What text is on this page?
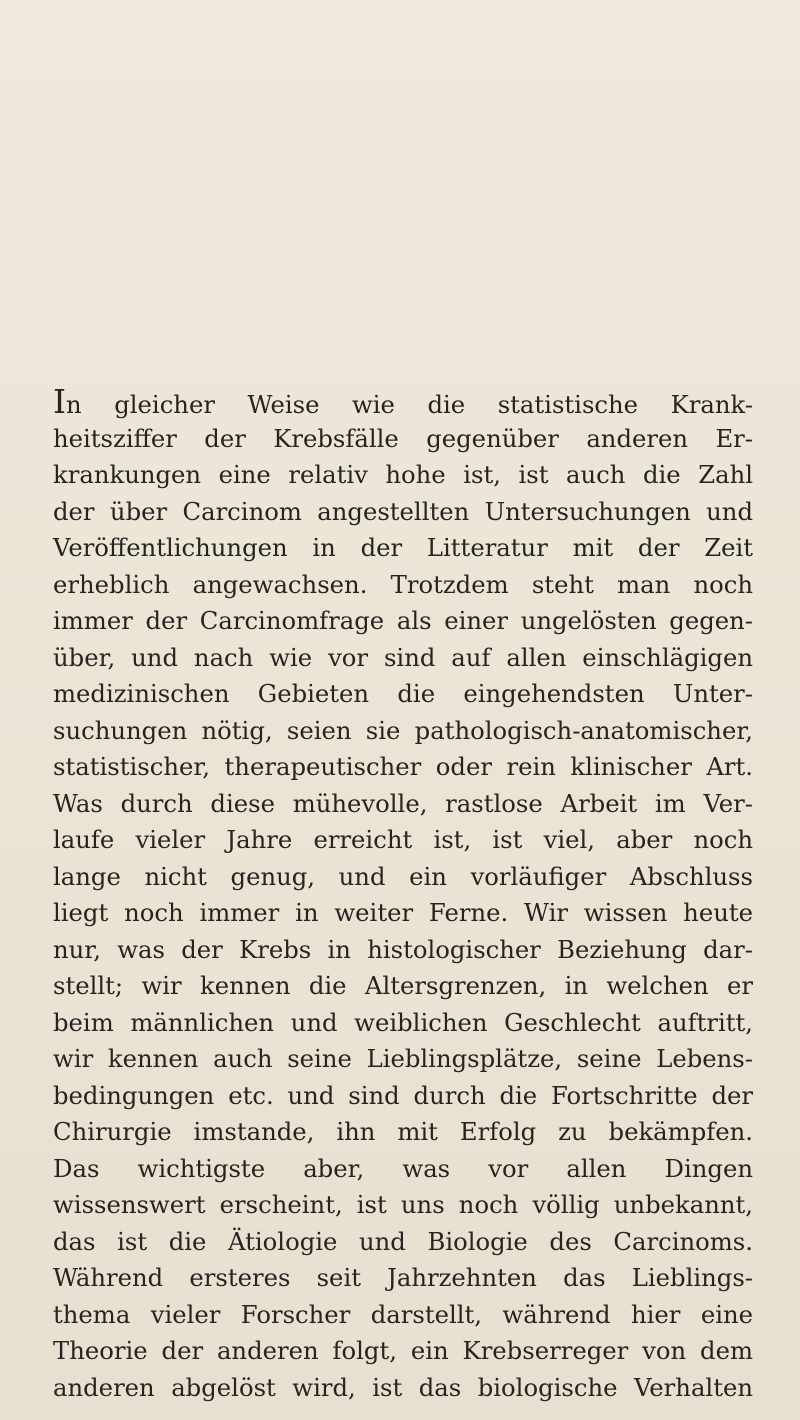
In gleicher Weise wie die statistische Krank-
heitsziffer der Krebsfälle gegenüber anderen Er-
krankungen eine relativ hohe ist, ist auch die Zahl
der über Carcinom angestellten Untersuchungen und
Veröffentlichungen in der Litteratur mit der Zeit
erheblich angewachsen. Trotzdem steht man noch
immer der Carcinomfrage als einer ungelösten gegen-
über, und nach wie vor sind auf allen einschlägigen
medizinischen Gebieten die eingehendsten Unter-
suchungen nötig, seien sie pathologisch-anatomischer,
statistischer, therapeutischer oder rein klinischer Art.
Was durch diese mühevolle, rastlose Arbeit im Ver-
laufe vieler Jahre erreicht ist, ist viel, aber noch
lange nicht genug, und ein vorläufiger Abschluss
liegt noch immer in weiter Ferne. Wir wissen heute
nur, was der Krebs in histologischer Beziehung dar-
stellt; wir kennen die Altersgrenzen, in welchen er
beim männlichen und weiblichen Geschlecht auftritt,
wir kennen auch seine Lieblingsplätze, seine Lebens-
bedingungen etc. und sind durch die Fortschritte der
Chirurgie imstande, ihn mit Erfolg zu bekämpfen.
Das wichtigste aber, was vor allen Dingen
wissenswert erscheint, ist uns noch völlig unbekannt,
das ist die Ätiologie und Biologie des Carcinoms.
Während ersteres seit Jahrzehnten das Lieblings-
thema vieler Forscher darstellt, während hier eine
Theorie der anderen folgt, ein Krebserreger von dem
anderen abgelöst wird, ist das biologische Verhalten
